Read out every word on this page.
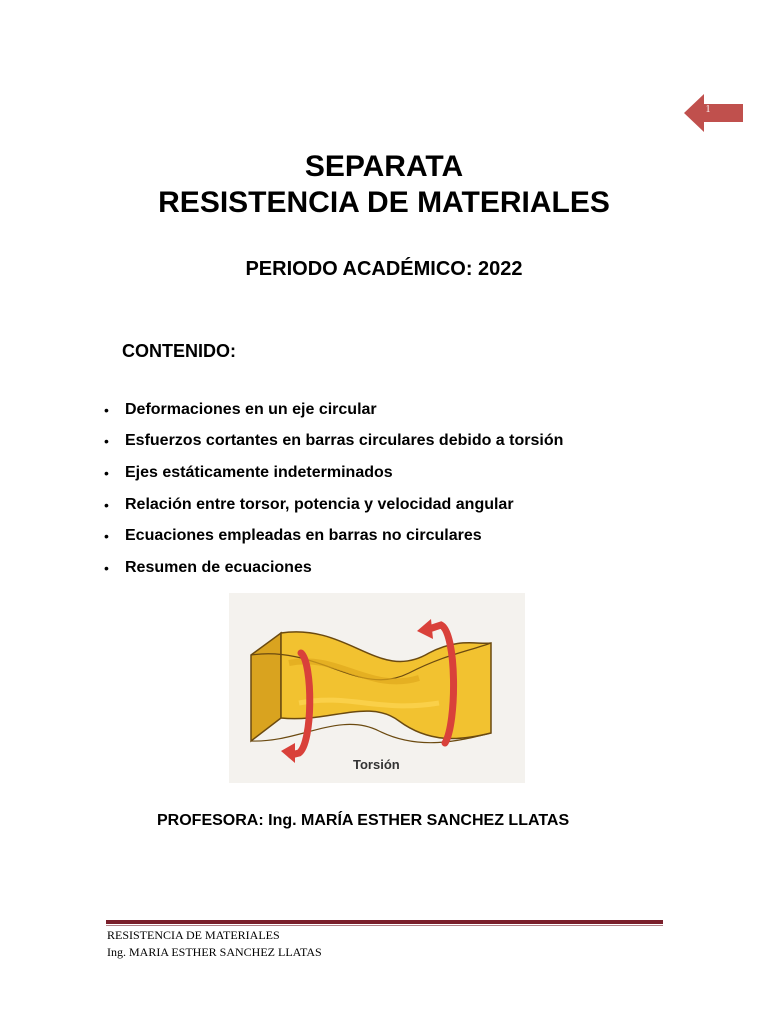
1
SEPARATA
RESISTENCIA DE MATERIALES
PERIODO ACADÉMICO: 2022
CONTENIDO:
•	Deformaciones en un eje circular
•	Esfuerzos cortantes en barras circulares debido a torsión
•	Ejes estáticamente indeterminados
•	Relación entre torsor, potencia y velocidad angular
•	Ecuaciones empleadas en barras no circulares
•	Resumen de ecuaciones
Torsión
PROFESORA: Ing. MARÍA ESTHER SANCHEZ LLATAS
RESISTENCIA DE MATERIALES
Ing. MARIA ESTHER SANCHEZ LLATAS
